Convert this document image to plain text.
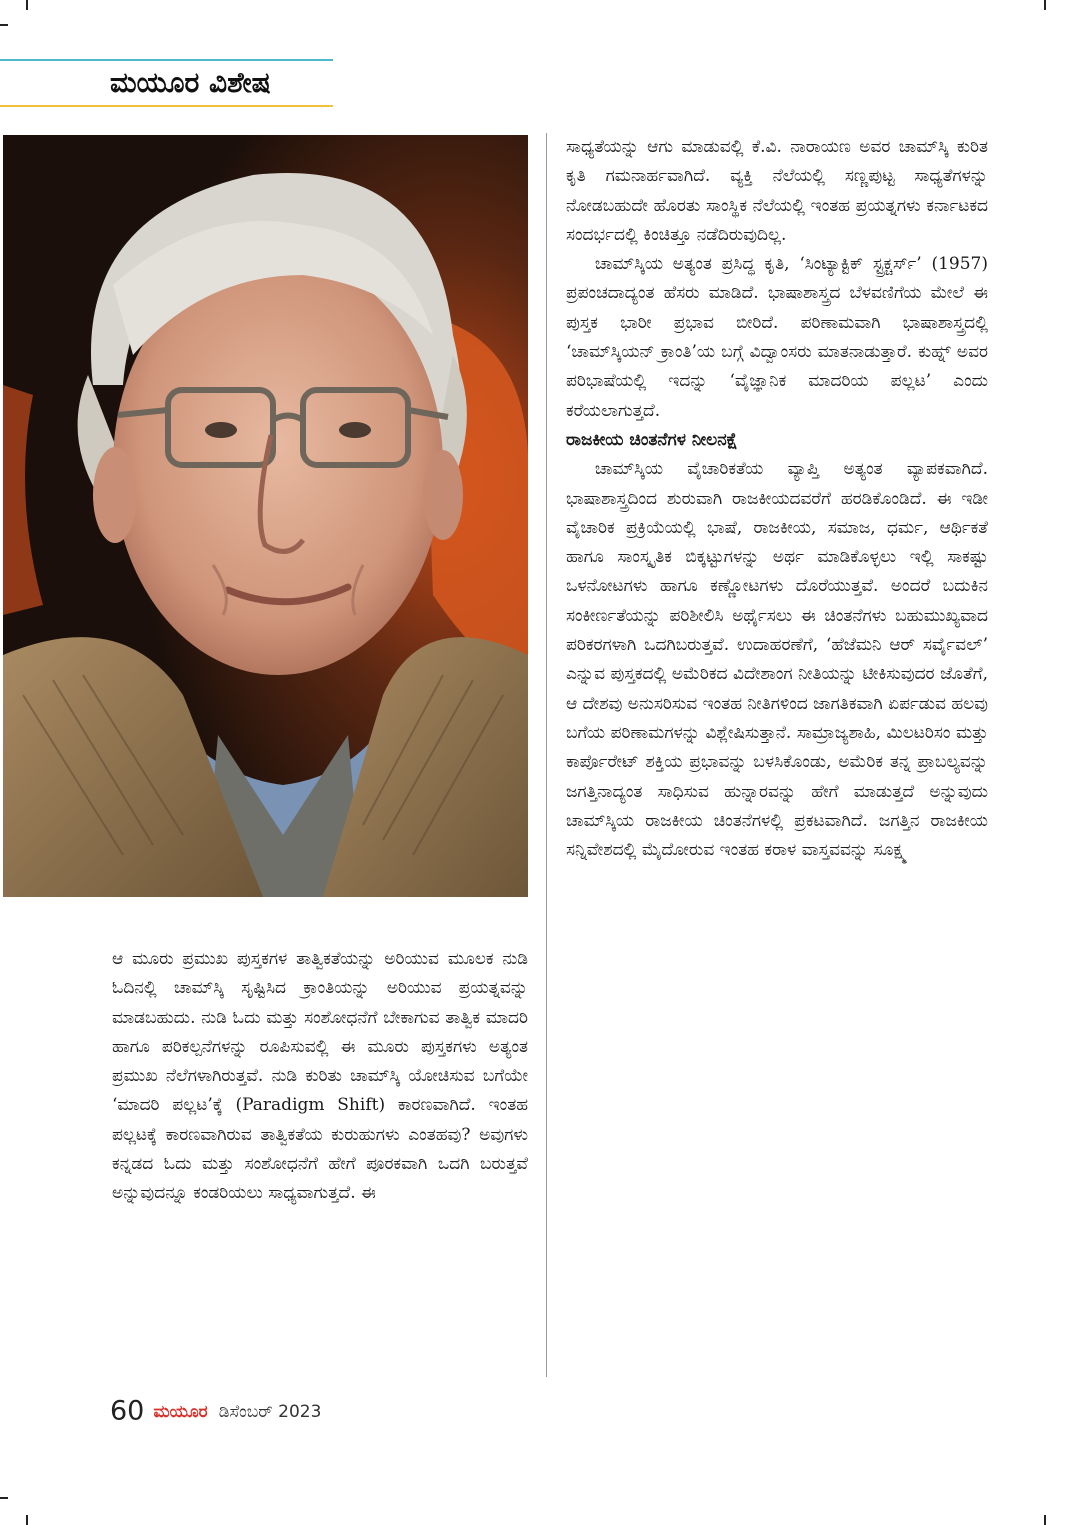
ಮಯೂರ ವಿಶೇಷ

ಆ ಮೂರು ಪ್ರಮುಖ ಪುಸ್ತಕಗಳ ತಾತ್ವಿಕತೆಯನ್ನು ಅರಿಯುವ ಮೂಲಕ ನುಡಿ ಓದಿನಲ್ಲಿ ಚಾಮ್‌ಸ್ಕಿ ಸೃಷ್ಟಿಸಿದ ಕ್ರಾಂತಿಯನ್ನು ಅರಿಯುವ ಪ್ರಯತ್ನವನ್ನು ಮಾಡಬಹುದು. ನುಡಿ ಓದು ಮತ್ತು ಸಂಶೋಧನೆಗೆ ಬೇಕಾಗುವ ತಾತ್ವಿಕ ಮಾದರಿ ಹಾಗೂ ಪರಿಕಲ್ಪನೆಗಳನ್ನು ರೂಪಿಸುವಲ್ಲಿ ಈ ಮೂರು ಪುಸ್ತಕಗಳು ಅತ್ಯಂತ ಪ್ರಮುಖ ನೆಲೆಗಳಾಗಿರುತ್ತವೆ. ನುಡಿ ಕುರಿತು ಚಾಮ್‌ಸ್ಕಿ ಯೋಚಿಸುವ ಬಗೆಯೇ ‘ಮಾದರಿ ಪಲ್ಲಟ’ಕ್ಕೆ (Paradigm Shift) ಕಾರಣವಾಗಿದೆ. ಇಂತಹ ಪಲ್ಲಟಕ್ಕೆ ಕಾರಣವಾಗಿರುವ ತಾತ್ವಿಕತೆಯ ಕುರುಹುಗಳು ಎಂತಹವು? ಅವುಗಳು ಕನ್ನಡದ ಓದು ಮತ್ತು ಸಂಶೋಧನೆಗೆ ಹೇಗೆ ಪೂರಕವಾಗಿ ಒದಗಿ ಬರುತ್ತವೆ ಅನ್ನುವುದನ್ನೂ ಕಂಡರಿಯಲು ಸಾಧ್ಯವಾಗುತ್ತದೆ. ಈ

ಸಾಧ್ಯತೆಯನ್ನು ಆಗು ಮಾಡುವಲ್ಲಿ ಕೆ.ವಿ. ನಾರಾಯಣ ಅವರ ಚಾಮ್‌ಸ್ಕಿ ಕುರಿತ ಕೃತಿ ಗಮನಾರ್ಹವಾಗಿದೆ. ವ್ಯಕ್ತಿ ನೆಲೆಯಲ್ಲಿ ಸಣ್ಣಪುಟ್ಟ ಸಾಧ್ಯತೆಗಳನ್ನು ನೋಡಬಹುದೇ ಹೊರತು ಸಾಂಸ್ಥಿಕ ನೆಲೆಯಲ್ಲಿ ಇಂತಹ ಪ್ರಯತ್ನಗಳು ಕರ್ನಾಟಕದ ಸಂದರ್ಭದಲ್ಲಿ ಕಿಂಚಿತ್ತೂ ನಡೆದಿರುವುದಿಲ್ಲ.

ಚಾಮ್‌ಸ್ಕಿಯ ಅತ್ಯಂತ ಪ್ರಸಿದ್ಧ ಕೃತಿ, ‘ಸಿಂಟ್ಯಾಕ್ಟಿಕ್ ಸ್ಟ್ರಕ್ಚರ್ಸ್’ (1957) ಪ್ರಪಂಚದಾದ್ಯಂತ ಹೆಸರು ಮಾಡಿದೆ. ಭಾಷಾಶಾಸ್ತ್ರದ ಬೆಳವಣಿಗೆಯ ಮೇಲೆ ಈ ಪುಸ್ತಕ ಭಾರೀ ಪ್ರಭಾವ ಬೀರಿದೆ. ಪರಿಣಾಮವಾಗಿ ಭಾಷಾಶಾಸ್ತ್ರದಲ್ಲಿ ‘ಚಾಮ್‌ಸ್ಕಿಯನ್ ಕ್ರಾಂತಿ’ಯ ಬಗ್ಗೆ ವಿದ್ವಾಂಸರು ಮಾತನಾಡುತ್ತಾರೆ. ಕುಹ್ನ್ ಅವರ ಪರಿಭಾಷೆಯಲ್ಲಿ ಇದನ್ನು ‘ವೈಜ್ಞಾನಿಕ ಮಾದರಿಯ ಪಲ್ಲಟ’ ಎಂದು ಕರೆಯಲಾಗುತ್ತದೆ.

ರಾಜಕೀಯ ಚಿಂತನೆಗಳ ನೀಲನಕ್ಷೆ

ಚಾಮ್‌ಸ್ಕಿಯ ವೈಚಾರಿಕತೆಯ ವ್ಯಾಪ್ತಿ ಅತ್ಯಂತ ವ್ಯಾಪಕವಾಗಿದೆ. ಭಾಷಾಶಾಸ್ತ್ರದಿಂದ ಶುರುವಾಗಿ ರಾಜಕೀಯದವರೆಗೆ ಹರಡಿಕೊಂಡಿದೆ. ಈ ಇಡೀ ವೈಚಾರಿಕ ಪ್ರಕ್ರಿಯೆಯಲ್ಲಿ ಭಾಷೆ, ರಾಜಕೀಯ, ಸಮಾಜ, ಧರ್ಮ, ಆರ್ಥಿಕತೆ ಹಾಗೂ ಸಾಂಸ್ಕೃತಿಕ ಬಿಕ್ಕಟ್ಟುಗಳನ್ನು ಅರ್ಥ ಮಾಡಿಕೊಳ್ಳಲು ಇಲ್ಲಿ ಸಾಕಷ್ಟು ಒಳನೋಟಗಳು ಹಾಗೂ ಕಣ್ಣೋಟಗಳು ದೊರೆಯುತ್ತವೆ. ಅಂದರೆ ಬದುಕಿನ ಸಂಕೀರ್ಣತೆಯನ್ನು ಪರಿಶೀಲಿಸಿ ಅರ್ಥೈಸಲು ಈ ಚಿಂತನೆಗಳು ಬಹುಮುಖ್ಯವಾದ ಪರಿಕರಗಳಾಗಿ ಒದಗಿಬರುತ್ತವೆ. ಉದಾಹರಣೆಗೆ, ‘ಹೆಜೆಮನಿ ಆರ್ ಸರ್ವೈವಲ್’ ಎನ್ನುವ ಪುಸ್ತಕದಲ್ಲಿ ಅಮೆರಿಕದ ವಿದೇಶಾಂಗ ನೀತಿಯನ್ನು ಟೀಕಿಸುವುದರ ಜೊತೆಗೆ, ಆ ದೇಶವು ಅನುಸರಿಸುವ ಇಂತಹ ನೀತಿಗಳಿಂದ ಜಾಗತಿಕವಾಗಿ ಏರ್ಪಡುವ ಹಲವು ಬಗೆಯ ಪರಿಣಾಮಗಳನ್ನು ವಿಶ್ಲೇಷಿಸುತ್ತಾನೆ. ಸಾಮ್ರಾಜ್ಯಶಾಹಿ, ಮಿಲಟರಿಸಂ ಮತ್ತು ಕಾರ್ಪೊರೇಟ್ ಶಕ್ತಿಯ ಪ್ರಭಾವನ್ನು ಬಳಸಿಕೊಂಡು, ಅಮೆರಿಕ ತನ್ನ ಪ್ರಾಬಲ್ಯವನ್ನು ಜಗತ್ತಿನಾದ್ಯಂತ ಸಾಧಿಸುವ ಹುನ್ನಾರವನ್ನು ಹೇಗೆ ಮಾಡುತ್ತದೆ ಅನ್ನುವುದು ಚಾಮ್‌ಸ್ಕಿಯ ರಾಜಕೀಯ ಚಿಂತನೆಗಳಲ್ಲಿ ಪ್ರಕಟವಾಗಿದೆ. ಜಗತ್ತಿನ ರಾಜಕೀಯ ಸನ್ನಿವೇಶದಲ್ಲಿ ಮೈದೋರುವ ಇಂತಹ ಕರಾಳ ವಾಸ್ತವವನ್ನು ಸೂಕ್ಷ್ಮ

60 ಮಯೂರ ಡಿಸೆಂಬರ್ 2023
